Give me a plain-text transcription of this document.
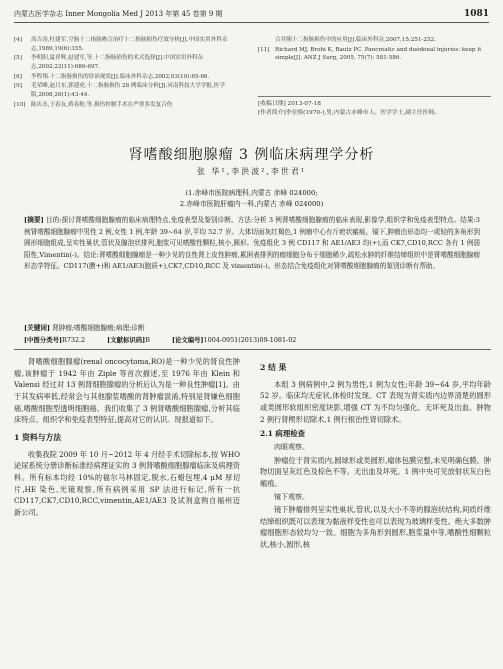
内蒙古医学杂志 Inner Mongolia Med J 2013 年第 45 卷第 9 期	1081
[4]	高吉涛,杜建军.空肠十二指肠吻合治疗十二指肠损伤疗效分析[J].中国实用外科杂志,1989,19(6):355.
[5]	李明阳,夏祥辉,赵建军,等.十二指肠损伤的术式选择[J].中国实用外科杂志,2002,22(11):686-697.
[6]	李程翔.十二指肠损伤的诊治现状[J].临床外科杂志,2002,03(10):65-66.
[9]	毛荣峰,赵月东,郭建虎.十二指肠损伤 28 例临床分析[J].河南科技大学学报,医学版,2008,26(1):43-44.
[10] 陈庆水,王春友,蒋春舫,等.损伤控制手术在严重多发复合伤
合并胰十二指肠损伤中的应用[J].临床外科杂,2007,15;251-252.
[11] Richard MJ, Brohi K, Bautz PC. Pancreatic and duodenal injuries: keep it simple[J]. ANZ J Surg, 2005, 75(7): 581-586.
[收稿日期] 2013-07-18
[作者简介] 李星焕(1970-),男,内蒙古赤峰市人。医学学士,副主任医师。
肾嗜酸细胞腺瘤 3 例临床病理学分析
张 华¹,李洪波²,李世君¹
(1.赤峰市医院病理科,内蒙古 赤峰 024000;
2.赤峰市医院肝瘤内一科,内蒙古 赤峰 024000)
[摘要] 目的:探讨肾嗜酸细胞腺瘤的临床病理特点,免疫表型及鉴别诊断。方法:分析 3 例肾嗜酸细胞腺瘤的临床表现,影像学,组织学和免疫表型特点。结果:3 例肾嗜酸细胞腺瘤中男性 2 例,女性 1 例,年龄 39~64 岁,平均 52.7 岁。大体切面灰红褐色,1 例瘤中心有斤疤状瘢痕。镜下,肿瘤由形态均一或轻的多角形到圆形细胞组成,呈实性巢状,管状及腺泡状排列,胞浆可见嗜酸性颗粒,核小,圆形。免疫组化 3 例 CD117 和 AE1/AE3 均(+),而 CK7,CD10,RCC 各有 1 例弱阳性,Vimentin(-)。结论:肾嗜酸细胞腺瘤是一种少见的良性肾上皮性肿瘤,累困表排列的瘤细胞分布于细胞稀少,疏松水肿的纤维结缔组织中是肾嗜酸细胞腺瘤形态学特征。CD117(膜+)和 AE1/AE3(胞质+),CK7,CD10,RCC 及 vimentin(-)。形态结合免疫组化对肾嗜酸细胞腺瘤的鉴别诊断有帮助。
[关键词] 肾肿瘤;嗜酸细胞腺瘤;病理;诊断
[中图分类号]R732.2	[文献标识码]B	[论文编号]1004-0951(2013)09-1081-02

肾嗜酸细胞腺瘤(renal oncocytoma,RO)是一种少见的肾良性肿瘤,该肿瘤于 1942 年由 Ziple 等首次描述,至 1976 年由 Klein 和 Valensi 经过对 13 例肾细胞腺瘤的分析后认为是一种良性肿瘤[1]。由于其发病率低,经常会与其他腺浆嗜酸的肾肿瘤混淆,特别是肾嫌色细胞癌,嗜酸细胞型透明细胞癌。我们收集了 3 例肾嗜酸细胞腺瘤,分析其临床特点、组织学和免疫表型特征,提高对它的认识。现报道如下。

1 资料与方法

收集我院 2009 年 10 月~2012 年 4 月经手术切除标本,按 WHO 泌尿系统分册诊断标准经病理证实的 3 例肾嗜酸细胞腺瘤临床及病理资料。所有标本均经 10%的福尔马林固定,脱水,石蜡包埋,4 μM 厚切片,HE 染色,光镜观察,所有病例采用 SP 法进行标记,所有一抗 CD117,CK7,CD10,RCC,vimentin,AE1/AE3 及试剂盒购自福州迈新公司。

2 结 果

本组 3 例病例中,2 例为男性,1 例为女性;年龄 39~64 岁,平均年龄 52 岁。临床均无症状,体检时发现。CT 表现为肾实质内边界清楚的圆形或类圆形软组织密度块影,增强 CT 为不均匀强化。无坏死及出血。肿物 2 例行肾楔形切除术,1 例行根治性肾切除术。

2.1 病理检查
肉眼观察。

肿瘤位于肾实质内,圆球形或类圆形,瘤体包膜完整,未见明确包膜。肿物切面呈灰红色及棕色不等。无出血及坏死。1 例中央可见放射状灰白色瘢痕。

镜下观察。

镜下肿瘤排列呈实性巢状,管状,以及大小不等的腺泡状结构,间质纤维结缔组织既可以表现为黏液样变性也可以表现为玻璃样变性。绝大多数肿瘤细胞形态较均匀一致。细胞为多角形到圆形,胞浆量中等,嗜酸性细颗粒状,核小,圆形,核
